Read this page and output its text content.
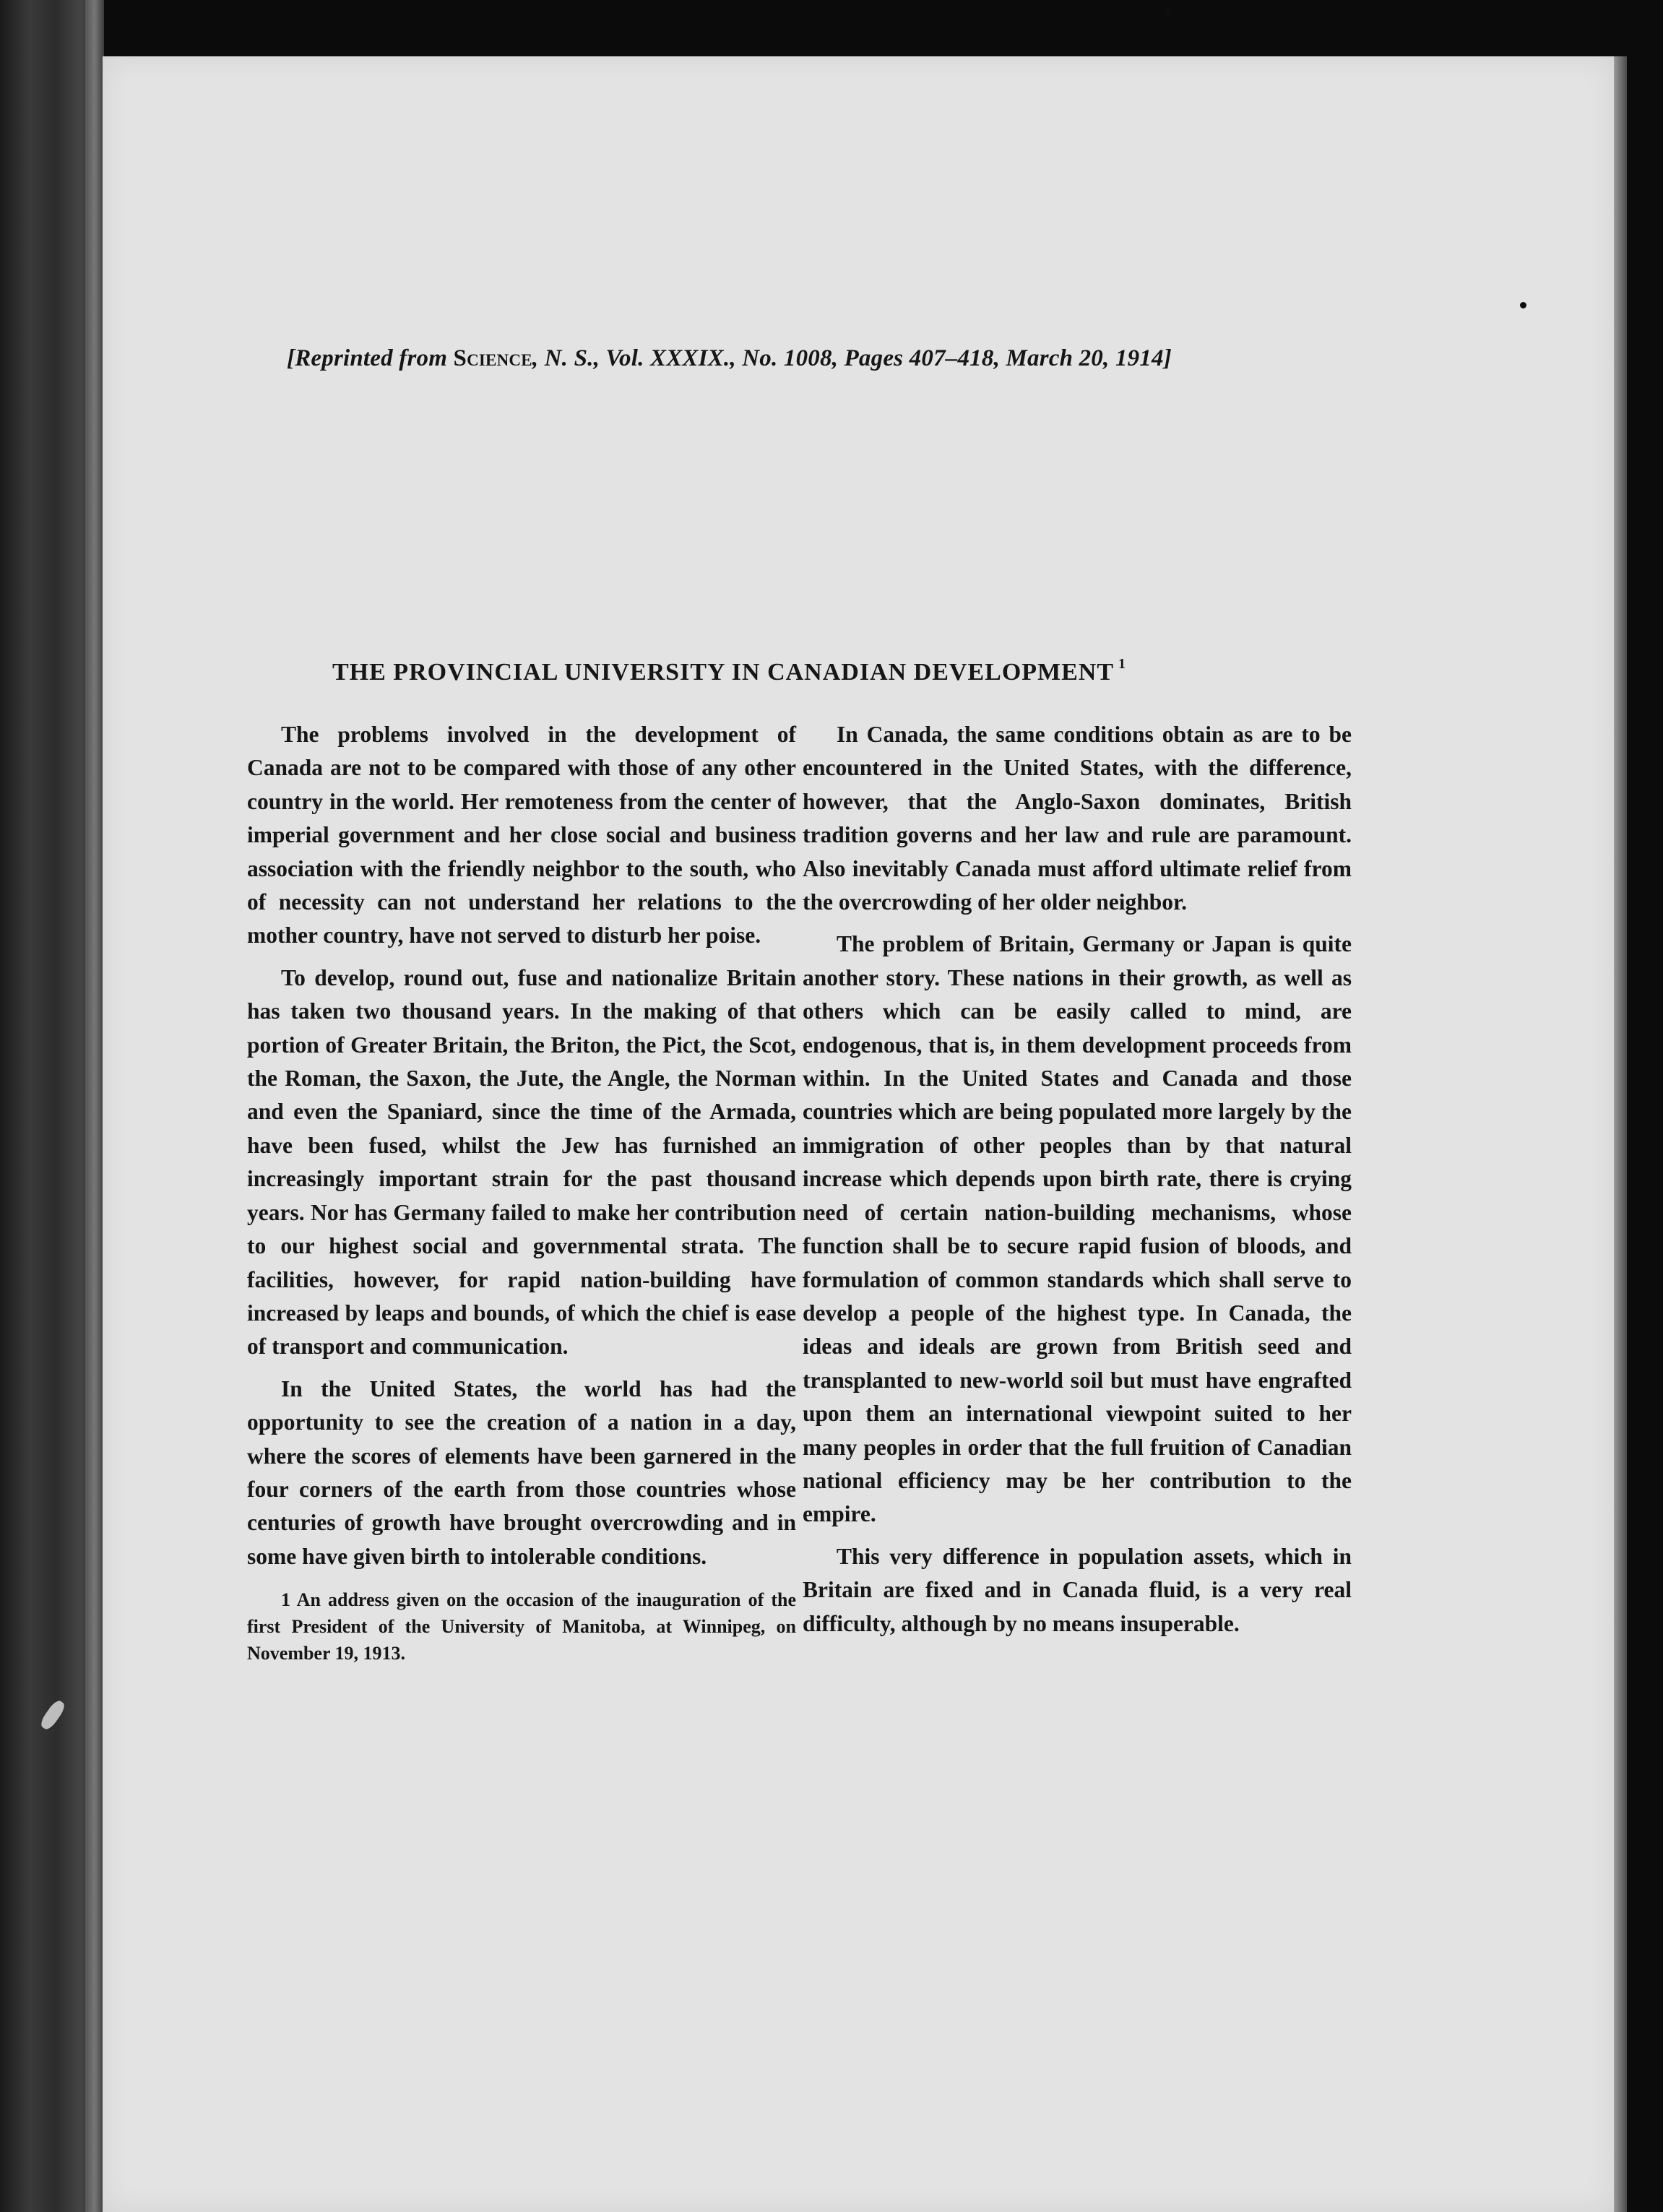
[Reprinted from Science, N. S., Vol. XXXIX., No. 1008, Pages 407–418, March 20, 1914]
THE PROVINCIAL UNIVERSITY IN CANADIAN DEVELOPMENT $^1$

The problems involved in the development of Canada are not to be compared with those of any other country in the world. Her remoteness from the center of imperial government and her close social and business association with the friendly neighbor to the south, who of necessity can not understand her relations to the mother country, have not served to disturb her poise.

To develop, round out, fuse and nationalize Britain has taken two thousand years. In the making of that portion of Greater Britain, the Briton, the Pict, the Scot, the Roman, the Saxon, the Jute, the Angle, the Norman and even the Spaniard, since the time of the Armada, have been fused, whilst the Jew has furnished an increasingly important strain for the past thousand years. Nor has Germany failed to make her contribution to our highest social and governmental strata. The facilities, however, for rapid nation-building have increased by leaps and bounds, of which the chief is ease of transport and communication.

In the United States, the world has had the opportunity to see the creation of a nation in a day, where the scores of elements have been garnered in the four corners of the earth from those countries whose centuries of growth have brought overcrowding and in some have given birth to intolerable conditions.

1 An address given on the occasion of the inauguration of the first President of the University of Manitoba, at Winnipeg, on November 19, 1913.

In Canada, the same conditions obtain as are to be encountered in the United States, with the difference, however, that the Anglo-Saxon dominates, British tradition governs and her law and rule are paramount. Also inevitably Canada must afford ultimate relief from the overcrowding of her older neighbor.

The problem of Britain, Germany or Japan is quite another story. These nations in their growth, as well as others which can be easily called to mind, are endogenous, that is, in them development proceeds from within. In the United States and Canada and those countries which are being populated more largely by the immigration of other peoples than by that natural increase which depends upon birth rate, there is crying need of certain nation-building mechanisms, whose function shall be to secure rapid fusion of bloods, and formulation of common standards which shall serve to develop a people of the highest type. In Canada, the ideas and ideals are grown from British seed and transplanted to new-world soil but must have engrafted upon them an international viewpoint suited to her many peoples in order that the full fruition of Canadian national efficiency may be her contribution to the empire.

This very difference in population assets, which in Britain are fixed and in Canada fluid, is a very real difficulty, although by no means insuperable.
